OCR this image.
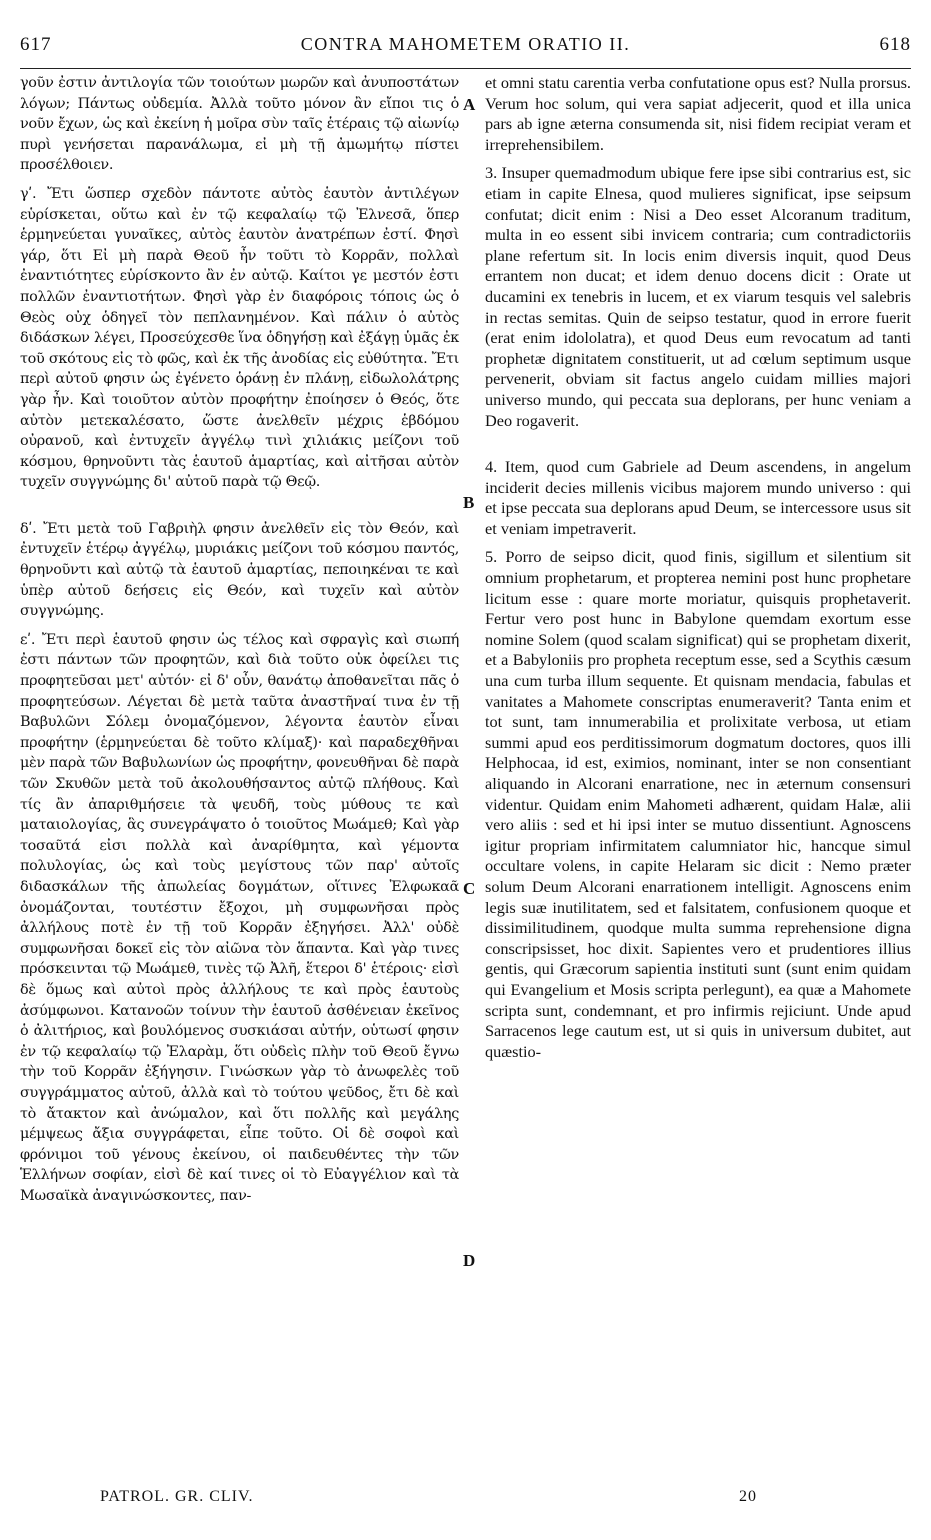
617	CONTRA MAHOMETEM ORATIO II.	618

γοῦν ἐστιν ἀντιλογία τῶν τοιούτων μωρῶν καὶ ἀνυποστάτων λόγων; Πάντως οὐδεμία. Ἀλλὰ τοῦτο μόνον ἂν εἴποι τις ὁ νοῦν ἔχων, ὡς καὶ ἐκείνη ἡ μοῖρα σὺν ταῖς ἑτέραις τῷ αἰωνίῳ πυρὶ γενήσεται παρανάλωμα, εἰ μὴ τῇ ἀμωμήτῳ πίστει προσέλθοιεν.

γʹ. Ἔτι ὥσπερ σχεδὸν πάντοτε αὐτὸς ἑαυτὸν ἀντιλέγων εὑρίσκεται, οὕτω καὶ ἐν τῷ κεφαλαίῳ τῷ Ἐλνεσᾶ, ὅπερ ἑρμηνεύεται γυναῖκες, αὐτὸς ἑαυτὸν ἀνατρέπων ἐστί. Φησὶ γάρ, ὅτι Εἰ μὴ παρὰ Θεοῦ ἦν τοῦτι τὸ Κορρᾶν, πολλαὶ ἐναντιότητες εὑρίσκοντο ἂν ἐν αὐτῷ. Καίτοι γε μεστόν ἐστι πολλῶν ἐναντιοτήτων. Φησὶ γὰρ ἐν διαφόροις τόποις ὡς ὁ Θεὸς οὐχ ὁδηγεῖ τὸν πεπλανημένον. Καὶ πάλιν ὁ αὐτὸς διδάσκων λέγει, Προσεύχεσθε ἵνα ὁδηγήσῃ καὶ ἐξάγῃ ὑμᾶς ἐκ τοῦ σκότους εἰς τὸ φῶς, καὶ ἐκ τῆς ἀνοδίας εἰς εὐθύτητα. Ἔτι περὶ αὐτοῦ φησιν ὡς ἐγένετο ὁράνῃ ἐν πλάνῃ, εἰδωλολάτρης γὰρ ἦν. Καὶ τοιοῦτον αὐτὸν προφήτην ἐποίησεν ὁ Θεός, ὅτε αὐτὸν μετεκαλέσατο, ὥστε ἀνελθεῖν μέχρις ἑβδόμου οὐρανοῦ, καὶ ἐντυχεῖν ἀγγέλῳ τινὶ χιλιάκις μείζονι τοῦ κόσμου, θρηνοῦντι τὰς ἑαυτοῦ ἁμαρτίας, καὶ αἰτῆσαι αὐτὸν τυχεῖν συγγνώμης δι' αὐτοῦ παρὰ τῷ Θεῷ.

δʹ. Ἔτι μετὰ τοῦ Γαβριὴλ φησιν ἀνελθεῖν εἰς τὸν Θεόν, καὶ ἐντυχεῖν ἑτέρῳ ἀγγέλῳ, μυριάκις μείζονι τοῦ κόσμου παντός, θρηνοῦντι καὶ αὐτῷ τὰ ἑαυτοῦ ἁμαρτίας, πεποιηκέναι τε καὶ ὑπὲρ αὐτοῦ δεήσεις εἰς Θεόν, καὶ τυχεῖν καὶ αὐτὸν συγγνώμης.

εʹ. Ἔτι περὶ ἑαυτοῦ φησιν ὡς τέλος καὶ σφραγὶς καὶ σιωπή ἐστι πάντων τῶν προφητῶν, καὶ διὰ τοῦτο οὐκ ὀφείλει τις προφητεῦσαι μετ' αὐτόν· εἰ δ' οὖν, θανάτῳ ἀποθανεῖται πᾶς ὁ προφητεύσων. Λέγεται δὲ μετὰ ταῦτα ἀναστῆναί τινα ἐν τῇ Βαβυλῶνι Σόλεμ ὀνομαζόμενον, λέγοντα ἑαυτὸν εἶναι προφήτην (ἑρμηνεύεται δὲ τοῦτο κλίμαξ)· καὶ παραδεχθῆναι μὲν παρὰ τῶν Βαβυλωνίων ὡς προφήτην, φονευθῆναι δὲ παρὰ τῶν Σκυθῶν μετὰ τοῦ ἀκολουθήσαντος αὐτῷ πλήθους. Καὶ τίς ἂν ἀπαριθμήσειε τὰ ψευδῆ, τοὺς μύθους τε καὶ ματαιολογίας, ἃς συνεγράψατο ὁ τοιοῦτος Μωάμεθ; Καὶ γὰρ τοσαῦτά εἰσι πολλὰ καὶ ἀναρίθμητα, καὶ γέμοντα πολυλογίας, ὡς καὶ τοὺς μεγίστους τῶν παρ' αὐτοῖς διδασκάλων τῆς ἀπωλείας δογμάτων, οἵτινες Ἐλφωκαᾶ ὀνομάζονται, τουτέστιν ἔξοχοι, μὴ συμφωνῆσαι πρὸς ἀλλήλους ποτὲ ἐν τῇ τοῦ Κορρᾶν ἐξηγήσει. Ἀλλ' οὐδὲ συμφωνῆσαι δοκεῖ εἰς τὸν αἰῶνα τὸν ἅπαντα. Καὶ γὰρ τινες πρόσκεινται τῷ Μωάμεθ, τινὲς τῷ Ἀλῆ, ἕτεροι δ' ἑτέροις· εἰσὶ δὲ ὅμως καὶ αὐτοὶ πρὸς ἀλλήλους τε καὶ πρὸς ἑαυτοὺς ἀσύμφωνοι. Κατανοῶν τοίνυν τὴν ἑαυτοῦ ἀσθένειαν ἐκεῖνος ὁ ἀλιτήριος, καὶ βουλόμενος συσκιάσαι αὐτήν, οὑτωσί φησιν ἐν τῷ κεφαλαίῳ τῷ Ἐλαρὰμ, ὅτι οὐδεὶς πλὴν τοῦ Θεοῦ ἔγνω τὴν τοῦ Κορρᾶν ἐξήγησιν. Γινώσκων γὰρ τὸ ἀνωφελὲς τοῦ συγγράμματος αὐτοῦ, ἀλλὰ καὶ τὸ τούτου ψεῦδος, ἔτι δὲ καὶ τὸ ἄτακτον καὶ ἀνώμαλον, καὶ ὅτι πολλῆς καὶ μεγάλης μέμψεως ἄξια συγγράφεται, εἶπε τοῦτο. Οἱ δὲ σοφοὶ καὶ φρόνιμοι τοῦ γένους ἐκείνου, οἱ παιδευθέντες τὴν τῶν Ἑλλήνων σοφίαν, εἰσὶ δὲ καί τινες οἱ τὸ Εὐαγγέλιον καὶ τὰ Μωσαϊκὰ ἀναγινώσκοντες, παν-

A
B
C
D

et omni statu carentia verba confutatione opus est? Nulla prorsus. Verum hoc solum, qui vera sapiat adjecerit, quod et illa unica pars ab igne æterna consumenda sit, nisi fidem recipiat veram et irreprehensibilem.

3. Insuper quemadmodum ubique fere ipse sibi contrarius est, sic etiam in capite Elnesa, quod mulieres significat, ipse seipsum confutat; dicit enim : Nisi a Deo esset Alcoranum traditum, multa in eo essent sibi invicem contraria; cum contradictoriis plane refertum sit. In locis enim diversis inquit, quod Deus errantem non ducat; et idem denuo docens dicit : Orate ut ducamini ex tenebris in lucem, et ex viarum tesquis vel salebris in rectas semitas. Quin de seipso testatur, quod in errore fuerit (erat enim idololatra), et quod Deus eum revocatum ad tanti prophetæ dignitatem constituerit, ut ad cœlum septimum usque pervenerit, obviam sit factus angelo cuidam millies majori universo mundo, qui peccata sua deplorans, per hunc veniam a Deo rogaverit.

4. Item, quod cum Gabriele ad Deum ascendens, in angelum inciderit decies millenis vicibus majorem mundo universo : qui et ipse peccata sua deplorans apud Deum, se intercessore usus sit et veniam impetraverit.

5. Porro de seipso dicit, quod finis, sigillum et silentium sit omnium prophetarum, et propterea nemini post hunc prophetare licitum esse : quare morte moriatur, quisquis prophetaverit. Fertur vero post hunc in Babylone quemdam exortum esse nomine Solem (quod scalam significat) qui se prophetam dixerit, et a Babyloniis pro propheta receptum esse, sed a Scythis cæsum una cum turba illum sequente. Et quisnam mendacia, fabulas et vanitates a Mahomete conscriptas enumeraverit? Tanta enim et tot sunt, tam innumerabilia et prolixitate verbosa, ut etiam summi apud eos perditissimorum dogmatum doctores, quos illi Helphocaa, id est, eximios, nominant, inter se non consentiant aliquando in Alcorani enarratione, nec in æternum consensuri videntur. Quidam enim Mahometi adhærent, quidam Halæ, alii vero aliis : sed et hi ipsi inter se mutuo dissentiunt. Agnoscens igitur propriam infirmitatem calumniator hic, hancque simul occultare volens, in capite Helaram sic dicit : Nemo præter solum Deum Alcorani enarrationem intelligit. Agnoscens enim legis suæ inutilitatem, sed et falsitatem, confusionem quoque et dissimilitudinem, quodque multa summa reprehensione digna conscripsisset, hoc dixit. Sapientes vero et prudentiores illius gentis, qui Græcorum sapientia instituti sunt (sunt enim quidam qui Evangelium et Mosis scripta perlegunt), ea quæ a Mahomete scripta sunt, condemnant, et pro infirmis rejiciunt. Unde apud Sarracenos lege cautum est, ut si quis in universum dubitet, aut quæstio-

PATROL. GR. CLIV.	20
